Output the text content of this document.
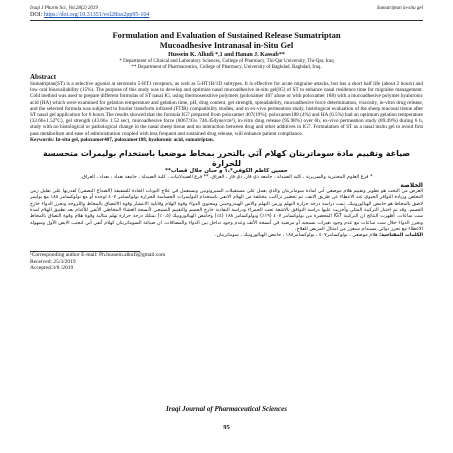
Iraqi J Pharm Sci, Vol.28(2) 2019	Sumatriptan in-situ gel
DOI: https://doi.org/10.31351/vol28iss2pp95-104
Formulation and Evaluation of Sustained Release Sumatriptan
Mucoadhesive Intranasal in-Situ Gel
Hussein K. Alkufi *,1 and Hanan J. Kassab**
* Department of Clinical and Laboratory Sciences, College of Pharmacy, Thi-Qar University, Thi-Qar, Iraq
** Department of Pharmaceutics, College of Pharmacy, University of Baghdad, Baghdad, Iraq.
Abstract
Sumatriptan(ST) is a selective agonist at serotonin 5-HT1 receptors, as well as 5-HT1B/1D subtypes. It is effective for acute migraine attacks, but has a short half life (about 2 hours) and low oral bioavailability (15%). The purpose of this study was to develop and optimize nasal mucoadhesive in-situ gel(IG) of ST to enhance nasal residence time for migraine management. Cold method was used to prepare different formulas of ST nasal IG, using thermosensitive polymers (poloxamer 407 alone or with poloxamer 188) with a mucoadhesive polymer hyaluronic acid (HA) which were examined for gelation temperature and gelation time, pH, drug content, gel strength, spreadability, mucoadhesive force determination, viscosity, in-vitro drug release, and the selected formula was subjected to fourier transform infrared (FTIR) compatibility studies, and to ex-vivo permeation study, histological evaluation of the sheep mucosal tissue after ST nasal gel application for 6 hours.The results showed that the formula IG7 prepared from poloxamer 407(19%), poloxamer188 (4%) and HA (0.5%) had an optimum gelation temperature (32.66±1.52°C), gel strength (43.66± 1.52 sec), mucoadhesive force (8067.93± 746.45dyne/cm²), in-vitro drug release (95.98%) over 6h, ex-vivo permeation study (89.49%) during 6 h, study with no histological or pathological change in the nasal sheep tissue and no interaction between drug and other additives in IG7. Formulation of ST as a nasal insitu gel to avoid first pass metabolism and ease of administration coupled with less frequent and sustained drug release, will enhance patient compliance.
Keywords: In-situ gel, poloxamer407, poloxamer188, hyaluronic acid, sumatriptan.
صياغة وتقييم مادة سوماتربتان كهلام آنَي بالتحرر بمخاط موضعيا باستخدام بوليمرات متحسسة
للحرارة
حسين كاظم الكوفي*،١ و حنان جلال قصاب**
* فرع العلوم المختبرية والسريرية ، كلية الصيدلة ، جامعة ذي قار، ذي قار ، العراق. ** فرع الصيدلانيات ، كلية الصيدلة ، جامعة بغداد ، بغداد ، العراق.
الخلاصة
الغرض من البحث هو تطوير وتقييم هلام موضعي آني لمادة سوماتربتان والذي يعمل على مستقبلات السيروتونين وتستعمل في علاج النوبات الحادة للشقيقة (الصداع النصفي) لقدرتها على تقليل زمن التخلص وزيادة التوافر الحيوي عند الاعطاء عن طريق الانف. تم تحضير تراكيب مختلفة من الهلام الانفي باستخدام البوليمرات الحساسة للحرارة بولوكسامر ٤٠٧ لوحده أو مع بولوكسامر ١٨٨ مع بوليمر لاصق بالمخاط هو حامض الهيالورونيك. تمت دراسة درجة حرارة التهلم وزمن التهلم والاس الهيدروجيني ومحتوى الدواء وقوة الهلام وقابلية الانتشار وقوة الالتصاق بالمخاط واللزوجة وتحرر الدواء خارج الجسم. وقد تم اختيار التركيبة المثلى وأجريت عليها دراسة التوافق بالاشعة تحت الحمراء ودراسة النفاذية خارج الجسم والتقييم النسيجي لأنسجة الغشاء المخاطي الأنفي للأغنام بعد تطبيق الهلام لمدة ست ساعات. أظهرت النتائج ان التركيبة IG7 المحضرة من بولوكسامر ٤٠٧ (١٩٪) وبولوكسامر ١٨٨ (٤٪) وحامض الهيالورونيك (٠,٥٪) تمتلك درجة حرارة تهلم مثالية وقوة هلام وقوة التصاق بالمخاط وتحرر الدواء خلال ست ساعات مع عدم وجود تغيرات نسيجية أو مرضية في أنسجة الأنف وعدم وجود تداخل بين الدواء والمضافات. ان صياغة السوماتربتان كهلام أنفي آني لتجنب الايض الأول وسهولة الاعطاء مع تحرر دوائي مستدام ستعزز من امتثال المريض للعلاج.
الكلمات المفتاحية: هلام موضعي ، بولوكسامر٤٠٧ ، بولوكسامر١٨٨ ، حامض الهيالورونيك ، سوماتربتان.
¹Corresponding author E-mail: Ph.hussein.alkufi@gmail.com
Received: 25/3/2019
Accepted:3/8 /2019
Iraqi Journal of Pharmaceutical Sciences
95
